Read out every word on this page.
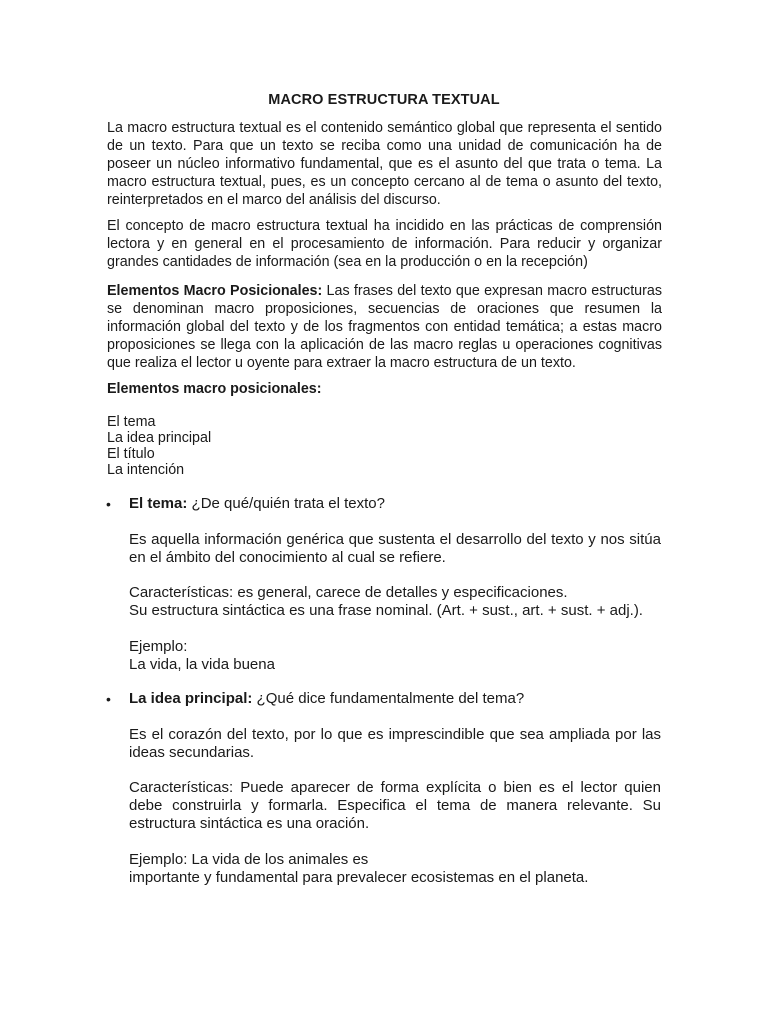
MACRO ESTRUCTURA TEXTUAL

La macro estructura textual es el contenido semántico global que representa el sentido de un texto. Para que un texto se reciba como una unidad de comunicación ha de poseer un núcleo informativo fundamental, que es el asunto del que trata o tema. La macro estructura textual, pues, es un concepto cercano al de tema o asunto del texto, reinterpretados en el marco del análisis del discurso.

El concepto de macro estructura textual ha incidido en las prácticas de comprensión lectora y en general en el procesamiento de información. Para reducir y organizar grandes cantidades de información (sea en la producción o en la recepción)

Elementos Macro Posicionales: Las frases del texto que expresan macro estructuras se denominan macro proposiciones, secuencias de oraciones que resumen la información global del texto y de los fragmentos con entidad temática; a estas macro proposiciones se llega con la aplicación de las macro reglas u operaciones cognitivas que realiza el lector u oyente para extraer la macro estructura de un texto.

Elementos macro posicionales:
El tema
La idea principal
El título
La intención
• El tema: ¿De qué/quién trata el texto?

Es aquella información genérica que sustenta el desarrollo del texto y nos sitúa en el ámbito del conocimiento al cual se refiere.

Características: es general, carece de detalles y especificaciones.
Su estructura sintáctica es una frase nominal. (Art. + sust., art. + sust. + adj.).

Ejemplo:
La vida, la vida buena

• La idea principal: ¿Qué dice fundamentalmente del tema?

Es el corazón del texto, por lo que es imprescindible que sea ampliada por las ideas secundarias.

Características: Puede aparecer de forma explícita o bien es el lector quien debe construirla y formarla. Especifica el tema de manera relevante. Su estructura sintáctica es una oración.

Ejemplo: La vida de los animales es
importante y fundamental para prevalecer ecosistemas en el planeta.
